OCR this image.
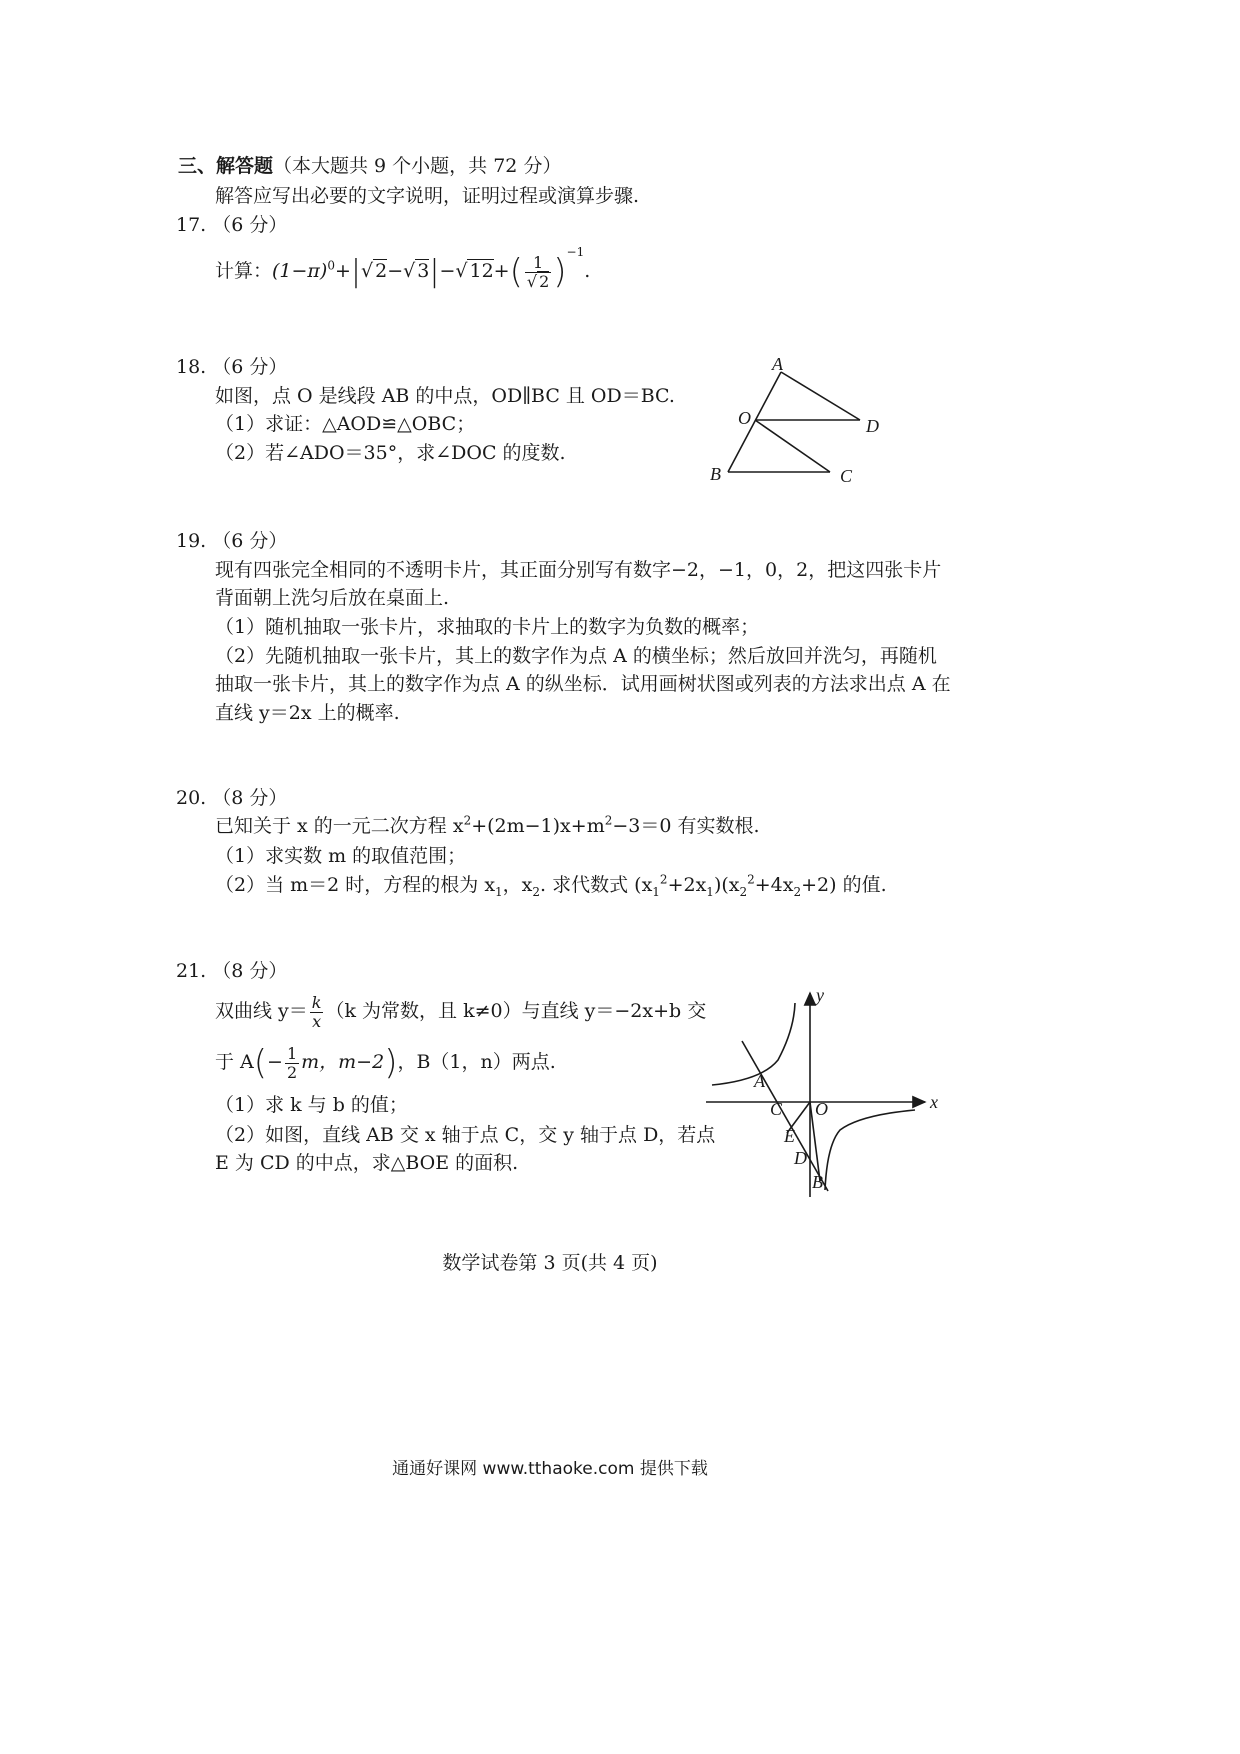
三、解答题（本大题共 9 个小题，共 72 分）
解答应写出必要的文字说明，证明过程或演算步骤.
17. （6 分）
计算：$(1-\pi)^0+|√$ 2−√ 3|−√ $12+( \frac{1}{√ 2} )^{-1}$.
18. （6 分）
如图，点 O 是线段 AB 的中点，OD∥BC 且 OD＝BC.
（1）求证：△AOD≌△OBC；
（2）若∠ADO＝35°，求∠DOC 的度数.
A
O	D
B	C
19. （6 分）
现有四张完全相同的不透明卡片，其正面分别写有数字−2，−1，0，2，把这四张卡片
背面朝上洗匀后放在桌面上.
（1）随机抽取一张卡片，求抽取的卡片上的数字为负数的概率；
（2）先随机抽取一张卡片，其上的数字作为点 A 的横坐标；然后放回并洗匀，再随机
抽取一张卡片，其上的数字作为点 A 的纵坐标．试用画树状图或列表的方法求出点 A 在
直线 y＝2x 上的概率.
20. （8 分）
已知关于 x 的一元二次方程 $x^2+(2m-1)x+m^2-3=0$ 有实数根.
（1）求实数 m 的取值范围；
（2）当 m＝2 时，方程的根为 $x_1$，$x_2$. 求代数式 $(x_1^2+2x_1)(x_2^2+4x_2+2)$ 的值.
21. （8 分）
双曲线 $y= \frac{k}{x} (k$ 为常数，且 k≠0）与直线 y＝−2x+b 交
于 $A(- \frac{1}{2}$ m，m−2)，B（1，n）两点.
（1）求 k 与 b 的值；
（2）如图，直线 AB 交 x 轴于点 C，交 y 轴于点 D，若点
E 为 CD 的中点，求△BOE 的面积.
y
x
A
C O
E
D
B
数学试卷第 3 页(共 4 页)
通通好课网 www.tthaoke.com 提供下载
